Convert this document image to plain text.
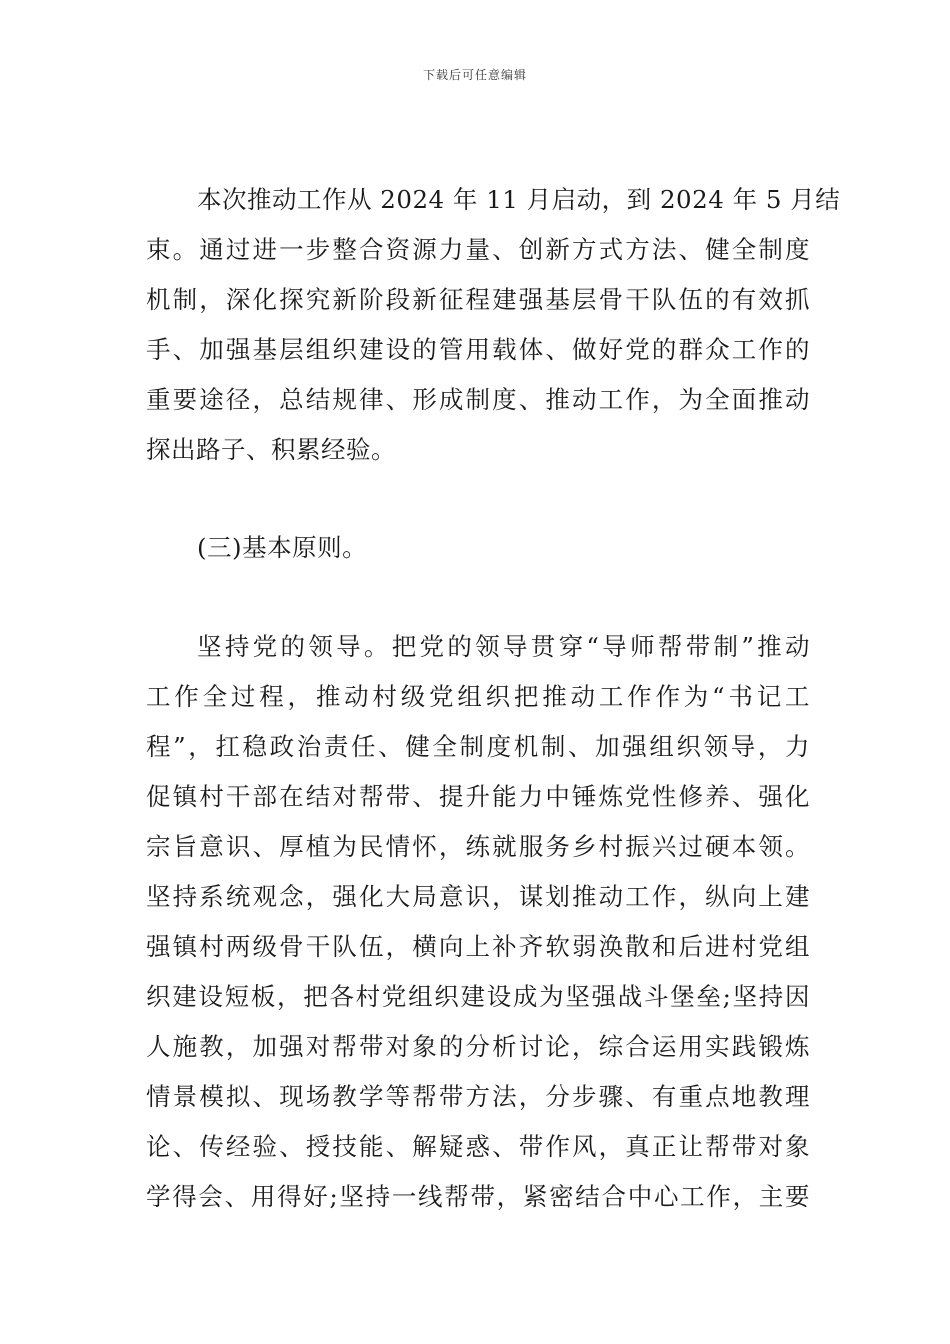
下载后可任意编辑
本次推动工作从 2024 年 11 月启动，到 2024 年 5 月结
束。通过进一步整合资源力量、创新方式方法、健全制度
机制，深化探究新阶段新征程建强基层骨干队伍的有效抓
手、加强基层组织建设的管用载体、做好党的群众工作的
重要途径，总结规律、形成制度、推动工作，为全面推动
探出路子、积累经验。
(三)基本原则。
坚持党的领导。把党的领导贯穿“导师帮带制”推动
工作全过程，推动村级党组织把推动工作作为“书记工
程”，扛稳政治责任、健全制度机制、加强组织领导，力
促镇村干部在结对帮带、提升能力中锤炼党性修养、强化
宗旨意识、厚植为民情怀，练就服务乡村振兴过硬本领。
坚持系统观念，强化大局意识，谋划推动工作，纵向上建
强镇村两级骨干队伍，横向上补齐软弱涣散和后进村党组
织建设短板，把各村党组织建设成为坚强战斗堡垒;坚持因
人施教，加强对帮带对象的分析讨论，综合运用实践锻炼
情景模拟、现场教学等帮带方法，分步骤、有重点地教理
论、传经验、授技能、解疑惑、带作风，真正让帮带对象
学得会、用得好;坚持一线帮带，紧密结合中心工作，主要
